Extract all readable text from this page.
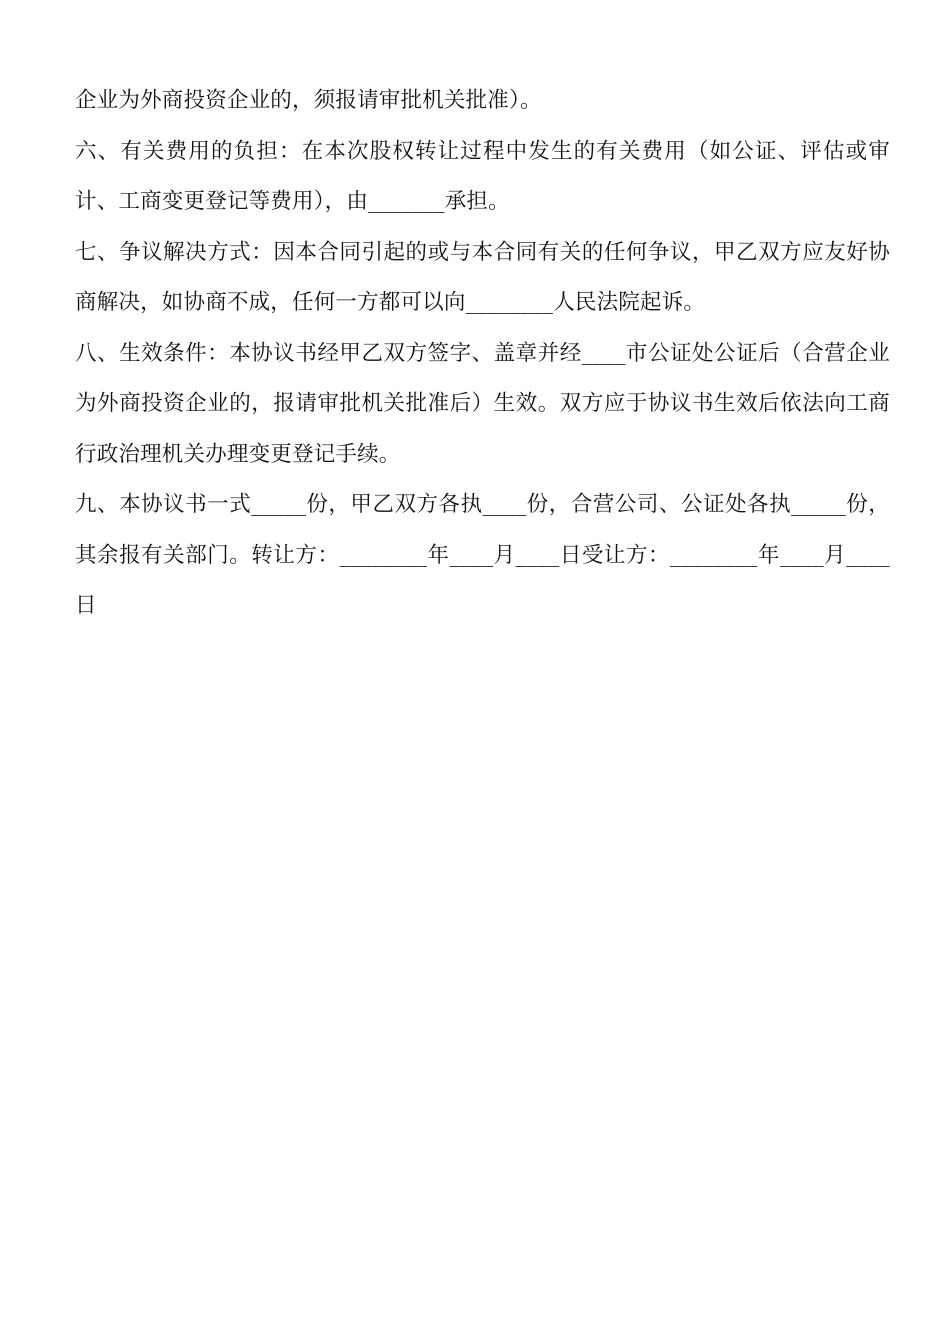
企业为外商投资企业的，须报请审批机关批准）。

六、有关费用的负担：在本次股权转让过程中发生的有关费用（如公证、评估或审计、工商变更登记等费用），由_______承担。

七、争议解决方式：因本合同引起的或与本合同有关的任何争议，甲乙双方应友好协商解决，如协商不成，任何一方都可以向________人民法院起诉。

八、生效条件：本协议书经甲乙双方签字、盖章并经____市公证处公证后（合营企业为外商投资企业的，报请审批机关批准后）生效。双方应于协议书生效后依法向工商行政治理机关办理变更登记手续。

九、本协议书一式_____份，甲乙双方各执____份，合营公司、公证处各执_____份，其余报有关部门。转让方：________年____月____日受让方：________年____月____日
